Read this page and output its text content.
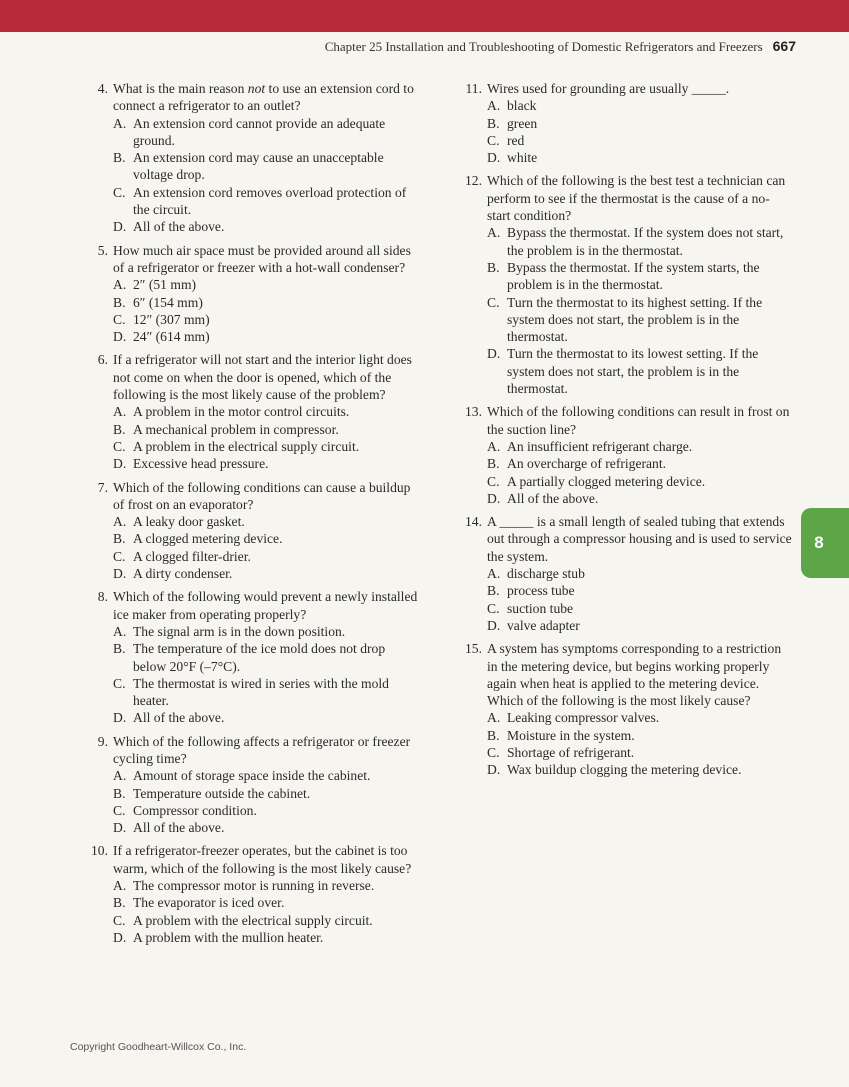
Chapter 25 Installation and Troubleshooting of Domestic Refrigerators and Freezers 667
4. What is the main reason not to use an extension cord to connect a refrigerator to an outlet?
A. An extension cord cannot provide an adequate ground.
B. An extension cord may cause an unacceptable voltage drop.
C. An extension cord removes overload protection of the circuit.
D. All of the above.
5. How much air space must be provided around all sides of a refrigerator or freezer with a hot-wall condenser?
A. 2″ (51 mm)
B. 6″ (154 mm)
C. 12″ (307 mm)
D. 24″ (614 mm)
6. If a refrigerator will not start and the interior light does not come on when the door is opened, which of the following is the most likely cause of the problem?
A. A problem in the motor control circuits.
B. A mechanical problem in compressor.
C. A problem in the electrical supply circuit.
D. Excessive head pressure.
7. Which of the following conditions can cause a buildup of frost on an evaporator?
A. A leaky door gasket.
B. A clogged metering device.
C. A clogged filter-drier.
D. A dirty condenser.
8. Which of the following would prevent a newly installed ice maker from operating properly?
A. The signal arm is in the down position.
B. The temperature of the ice mold does not drop below 20°F (–7°C).
C. The thermostat is wired in series with the mold heater.
D. All of the above.
9. Which of the following affects a refrigerator or freezer cycling time?
A. Amount of storage space inside the cabinet.
B. Temperature outside the cabinet.
C. Compressor condition.
D. All of the above.
10. If a refrigerator-freezer operates, but the cabinet is too warm, which of the following is the most likely cause?
A. The compressor motor is running in reverse.
B. The evaporator is iced over.
C. A problem with the electrical supply circuit.
D. A problem with the mullion heater.
11. Wires used for grounding are usually _____.
A. black
B. green
C. red
D. white
12. Which of the following is the best test a technician can perform to see if the thermostat is the cause of a no-start condition?
A. Bypass the thermostat. If the system does not start, the problem is in the thermostat.
B. Bypass the thermostat. If the system starts, the problem is in the thermostat.
C. Turn the thermostat to its highest setting. If the system does not start, the problem is in the thermostat.
D. Turn the thermostat to its lowest setting. If the system does not start, the problem is in the thermostat.
13. Which of the following conditions can result in frost on the suction line?
A. An insufficient refrigerant charge.
B. An overcharge of refrigerant.
C. A partially clogged metering device.
D. All of the above.
14. A _____ is a small length of sealed tubing that extends out through a compressor housing and is used to service the system.
A. discharge stub
B. process tube
C. suction tube
D. valve adapter
15. A system has symptoms corresponding to a restriction in the metering device, but begins working properly again when heat is applied to the metering device. Which of the following is the most likely cause?
A. Leaking compressor valves.
B. Moisture in the system.
C. Shortage of refrigerant.
D. Wax buildup clogging the metering device.
8
Copyright Goodheart-Willcox Co., Inc.
